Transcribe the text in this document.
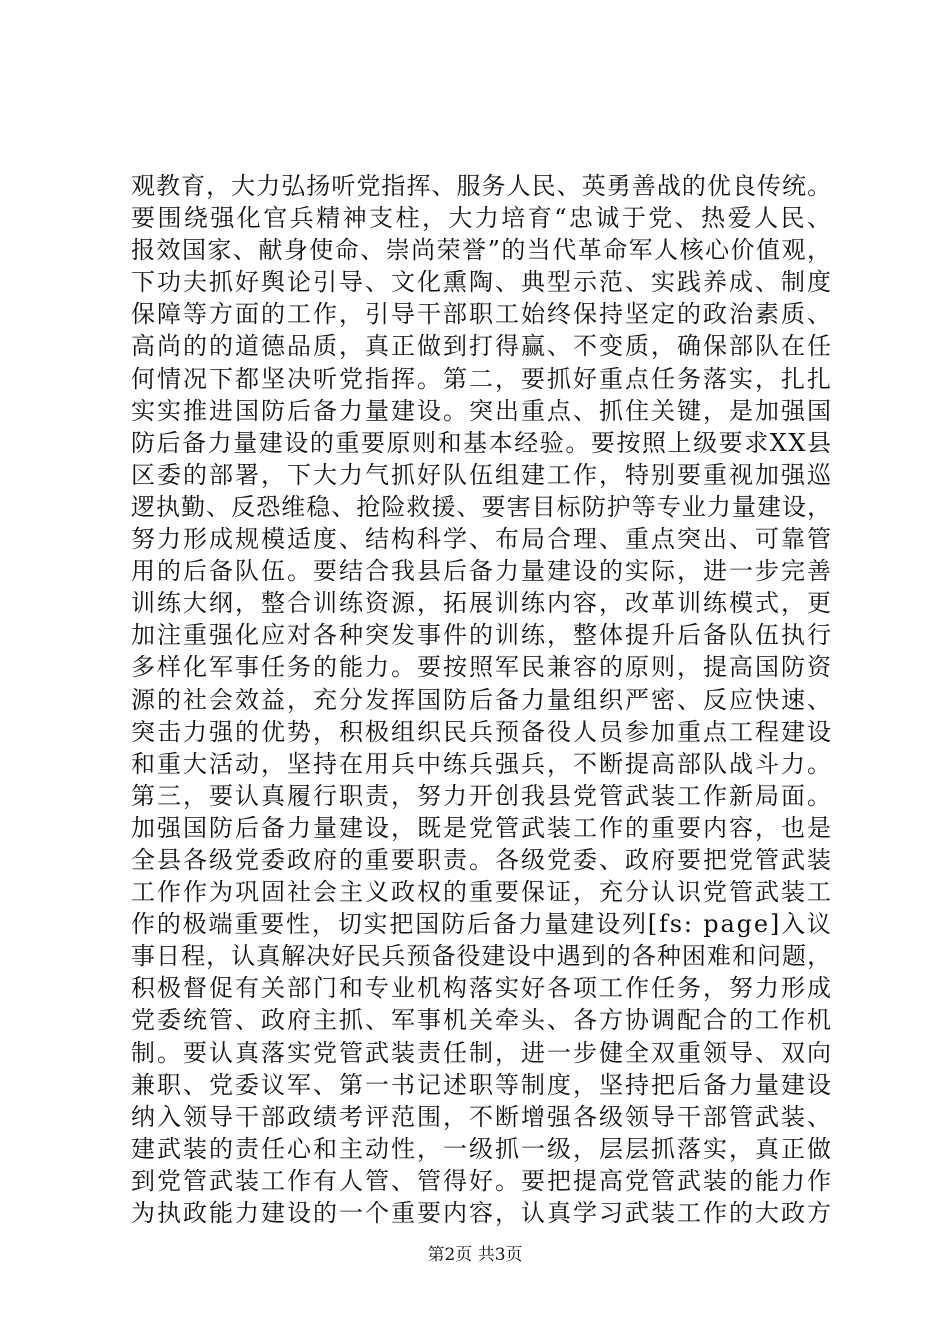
观教育，大力弘扬听党指挥、服务人民、英勇善战的优良传统。
要围绕强化官兵精神支柱，大力培育“忠诚于党、热爱人民、
报效国家、献身使命、崇尚荣誉”的当代革命军人核心价值观，
下功夫抓好舆论引导、文化熏陶、典型示范、实践养成、制度
保障等方面的工作，引导干部职工始终保持坚定的政治素质、
高尚的的道德品质，真正做到打得赢、不变质，确保部队在任
何情况下都坚决听党指挥。第二，要抓好重点任务落实，扎扎
实实推进国防后备力量建设。突出重点、抓住关键，是加强国
防后备力量建设的重要原则和基本经验。要按照上级要求XX县
区委的部署，下大力气抓好队伍组建工作，特别要重视加强巡
逻执勤、反恐维稳、抢险救援、要害目标防护等专业力量建设，
努力形成规模适度、结构科学、布局合理、重点突出、可靠管
用的后备队伍。要结合我县后备力量建设的实际，进一步完善
训练大纲，整合训练资源，拓展训练内容，改革训练模式，更
加注重强化应对各种突发事件的训练，整体提升后备队伍执行
多样化军事任务的能力。要按照军民兼容的原则，提高国防资
源的社会效益，充分发挥国防后备力量组织严密、反应快速、
突击力强的优势，积极组织民兵预备役人员参加重点工程建设
和重大活动，坚持在用兵中练兵强兵，不断提高部队战斗力。
第三，要认真履行职责，努力开创我县党管武装工作新局面。
加强国防后备力量建设，既是党管武装工作的重要内容，也是
全县各级党委政府的重要职责。各级党委、政府要把党管武装
工作作为巩固社会主义政权的重要保证，充分认识党管武装工
作的极端重要性，切实把国防后备力量建设列[fs: page]入议
事日程，认真解决好民兵预备役建设中遇到的各种困难和问题，
积极督促有关部门和专业机构落实好各项工作任务，努力形成
党委统管、政府主抓、军事机关牵头、各方协调配合的工作机
制。要认真落实党管武装责任制，进一步健全双重领导、双向
兼职、党委议军、第一书记述职等制度，坚持把后备力量建设
纳入领导干部政绩考评范围，不断增强各级领导干部管武装、
建武装的责任心和主动性，一级抓一级，层层抓落实，真正做
到党管武装工作有人管、管得好。要把提高党管武装的能力作
为执政能力建设的一个重要内容，认真学习武装工作的大政方
第2页 共3页
